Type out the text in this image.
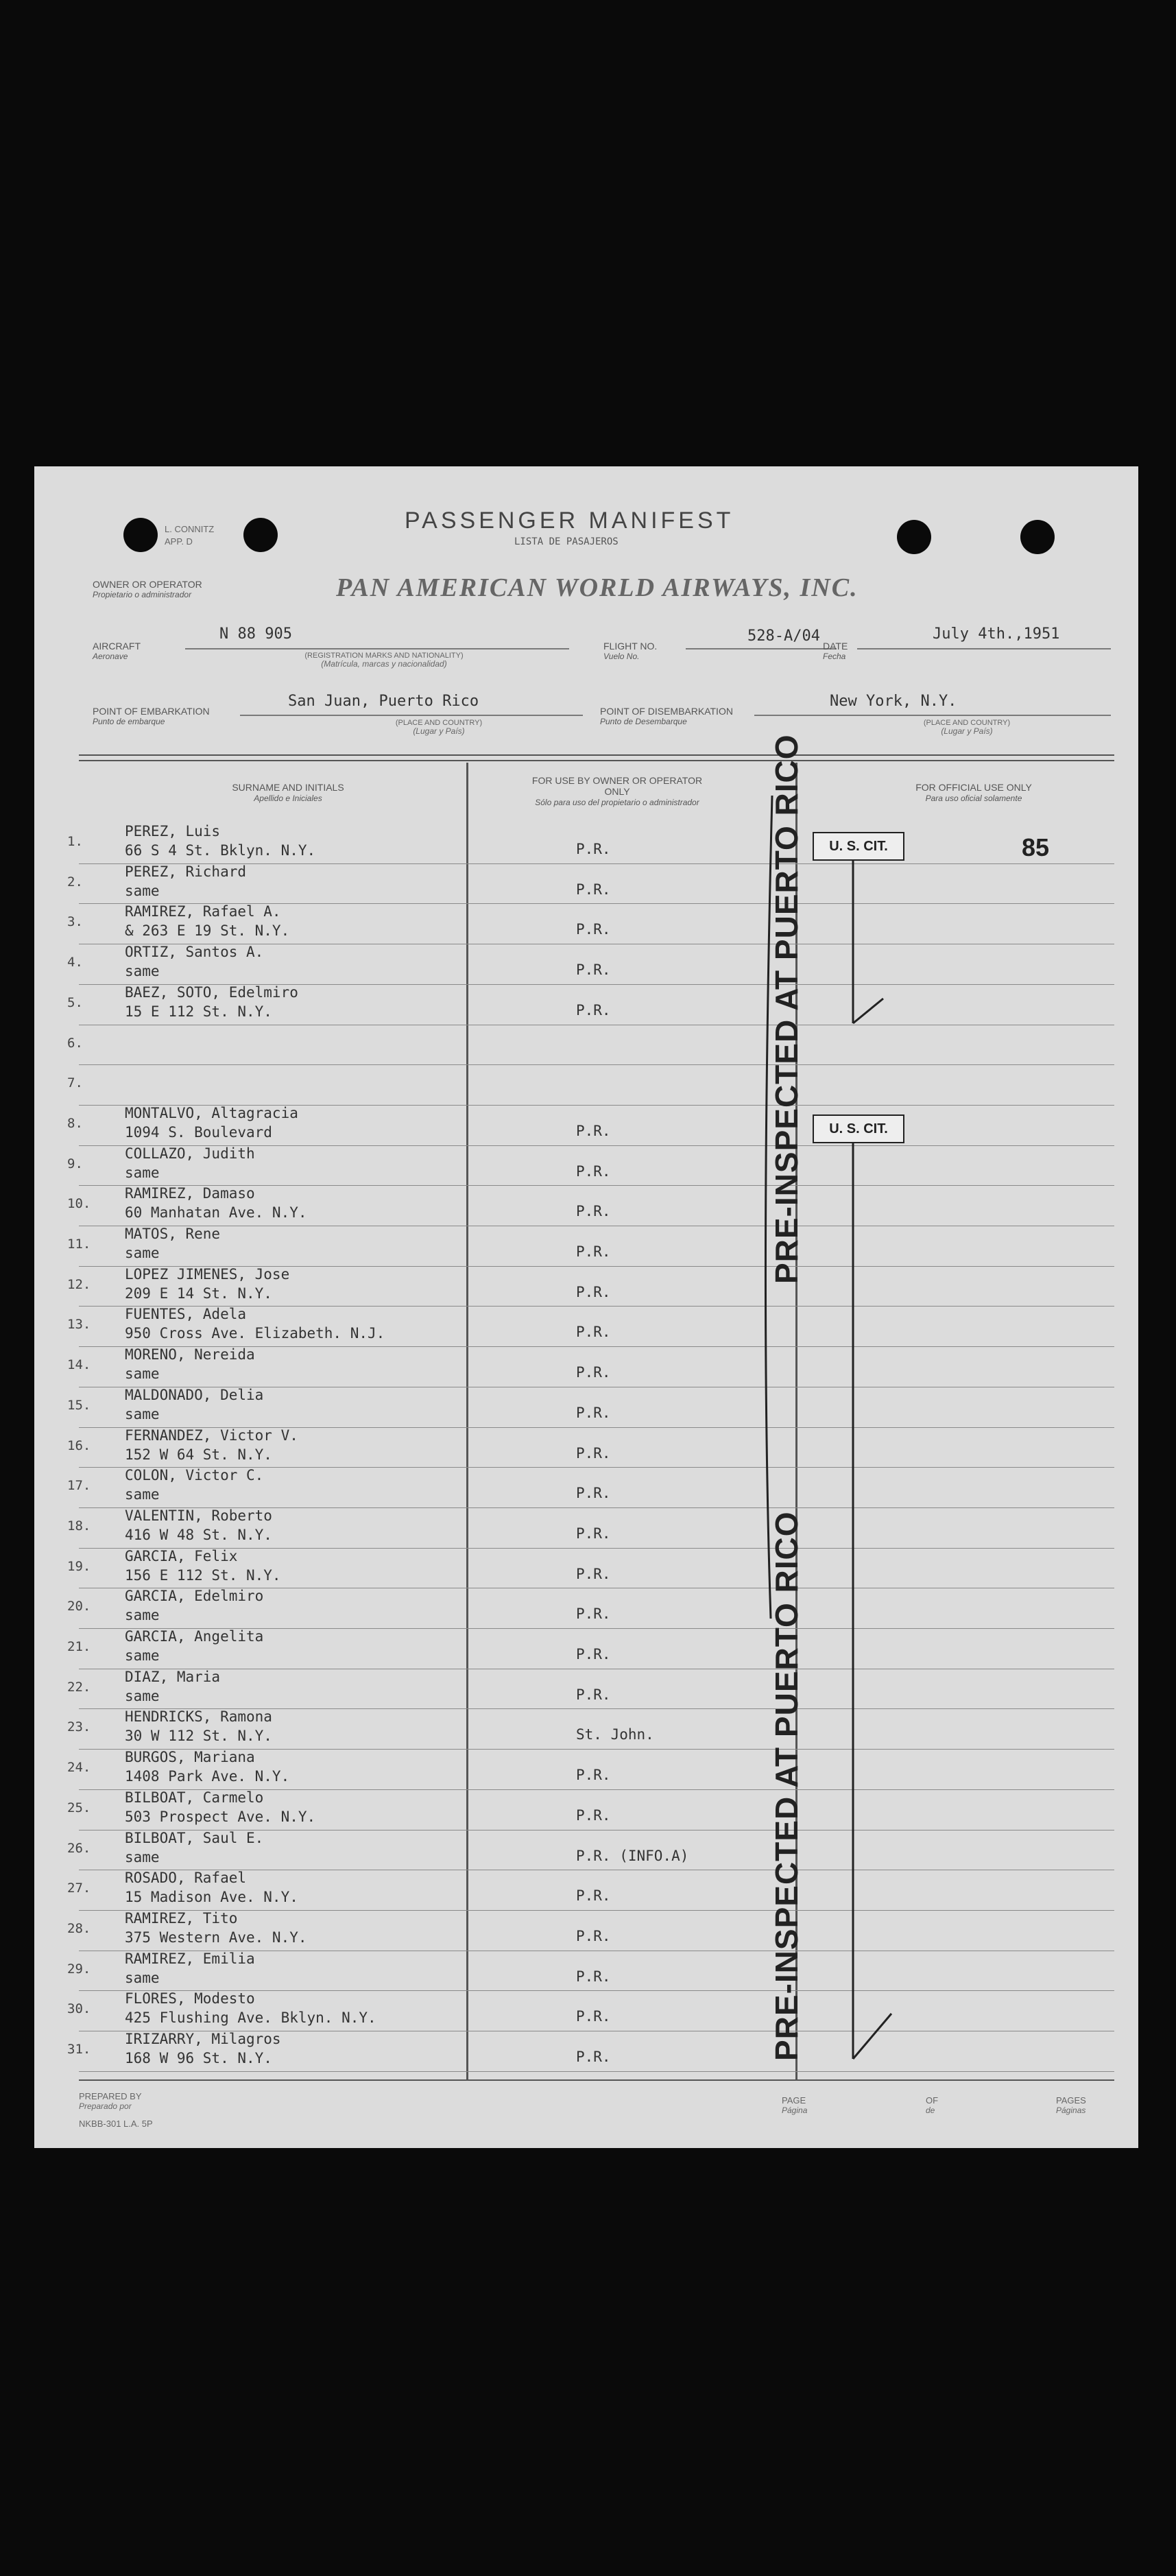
L. CONNITZ
APP. D
PASSENGER MANIFEST
LISTA DE PASAJEROS
OWNER OR OPERATOR
Propietario o administrador	PAN AMERICAN WORLD AIRWAYS, INC.
AIRCRAFT
Aeronave
N 88 905
(REGISTRATION MARKS AND NATIONALITY)
(Matrícula, marcas y nacionalidad)
FLIGHT NO.
Vuelo No.
528-A/04
DATE
Fecha
July 4th.,1951
POINT OF EMBARKATION
Punto de embarque
San Juan, Puerto Rico
(PLACE AND COUNTRY)
(Lugar y País)
POINT OF DISEMBARKATION
Punto de Desembarque
New York, N.Y.
(PLACE AND COUNTRY)
(Lugar y País)
SURNAME AND INITIALS
Apellido e Iniciales
FOR USE BY OWNER OR OPERATOR ONLY
Sólo para uso del propietario o administrador
FOR OFFICIAL USE ONLY
Para uso oficial solamente
1.
PEREZ, Luis
66 S 4 St. Bklyn. N.Y.	P.R.
2.
PEREZ, Richard
same	P.R.
3.
RAMIREZ, Rafael A.
& 263 E 19 St. N.Y.	P.R.
4.
ORTIZ, Santos A.
same	P.R.
5.
BAEZ, SOTO, Edelmiro
15 E 112 St. N.Y.	P.R.
6.
7.
8.
MONTALVO, Altagracia
1094 S. Boulevard	P.R.
9.
COLLAZO, Judith
same	P.R.
10.
RAMIREZ, Damaso
60 Manhatan Ave. N.Y.	P.R.
11.
MATOS, Rene
same	P.R.
12.
LOPEZ JIMENES, Jose
209 E 14 St. N.Y.	P.R.
13.
FUENTES, Adela
950 Cross Ave. Elizabeth. N.J.	P.R.
14.
MORENO, Nereida
same	P.R.
15.
MALDONADO, Delia
same	P.R.
16.
FERNANDEZ, Victor V.
152 W 64 St. N.Y.	P.R.
17.
COLON, Victor C.
same	P.R.
18.
VALENTIN, Roberto
416 W 48 St. N.Y.	P.R.
19.
GARCIA, Felix
156 E 112 St. N.Y.	P.R.
20.
GARCIA, Edelmiro
same	P.R.
21.
GARCIA, Angelita
same	P.R.
22.
DIAZ, Maria
same	P.R.
23.
HENDRICKS, Ramona
30 W 112 St. N.Y.	St. John.
24.
BURGOS, Mariana
1408 Park Ave. N.Y.	P.R.
25.
BILBOAT, Carmelo
503 Prospect Ave. N.Y.	P.R.
26.
BILBOAT, Saul E.
same	P.R. (INFO.A)
27.
ROSADO, Rafael
15 Madison Ave. N.Y.	P.R.
28.
RAMIREZ, Tito
375 Western Ave. N.Y.	P.R.
29.
RAMIREZ, Emilia
same	P.R.
30.
FLORES, Modesto
425 Flushing Ave. Bklyn. N.Y.	P.R.
31.
IRIZARRY, Milagros
168 W 96 St. N.Y.	P.R.
85
U. S. CIT.
U. S. CIT.
PRE-INSPECTED AT PUERTO RICO
PRE-INSPECTED AT PUERTO RICO
PREPARED BY
Preparado por
NKBB-301 L.A. 5P
PAGE
Página
OF
de
PAGES
Páginas
